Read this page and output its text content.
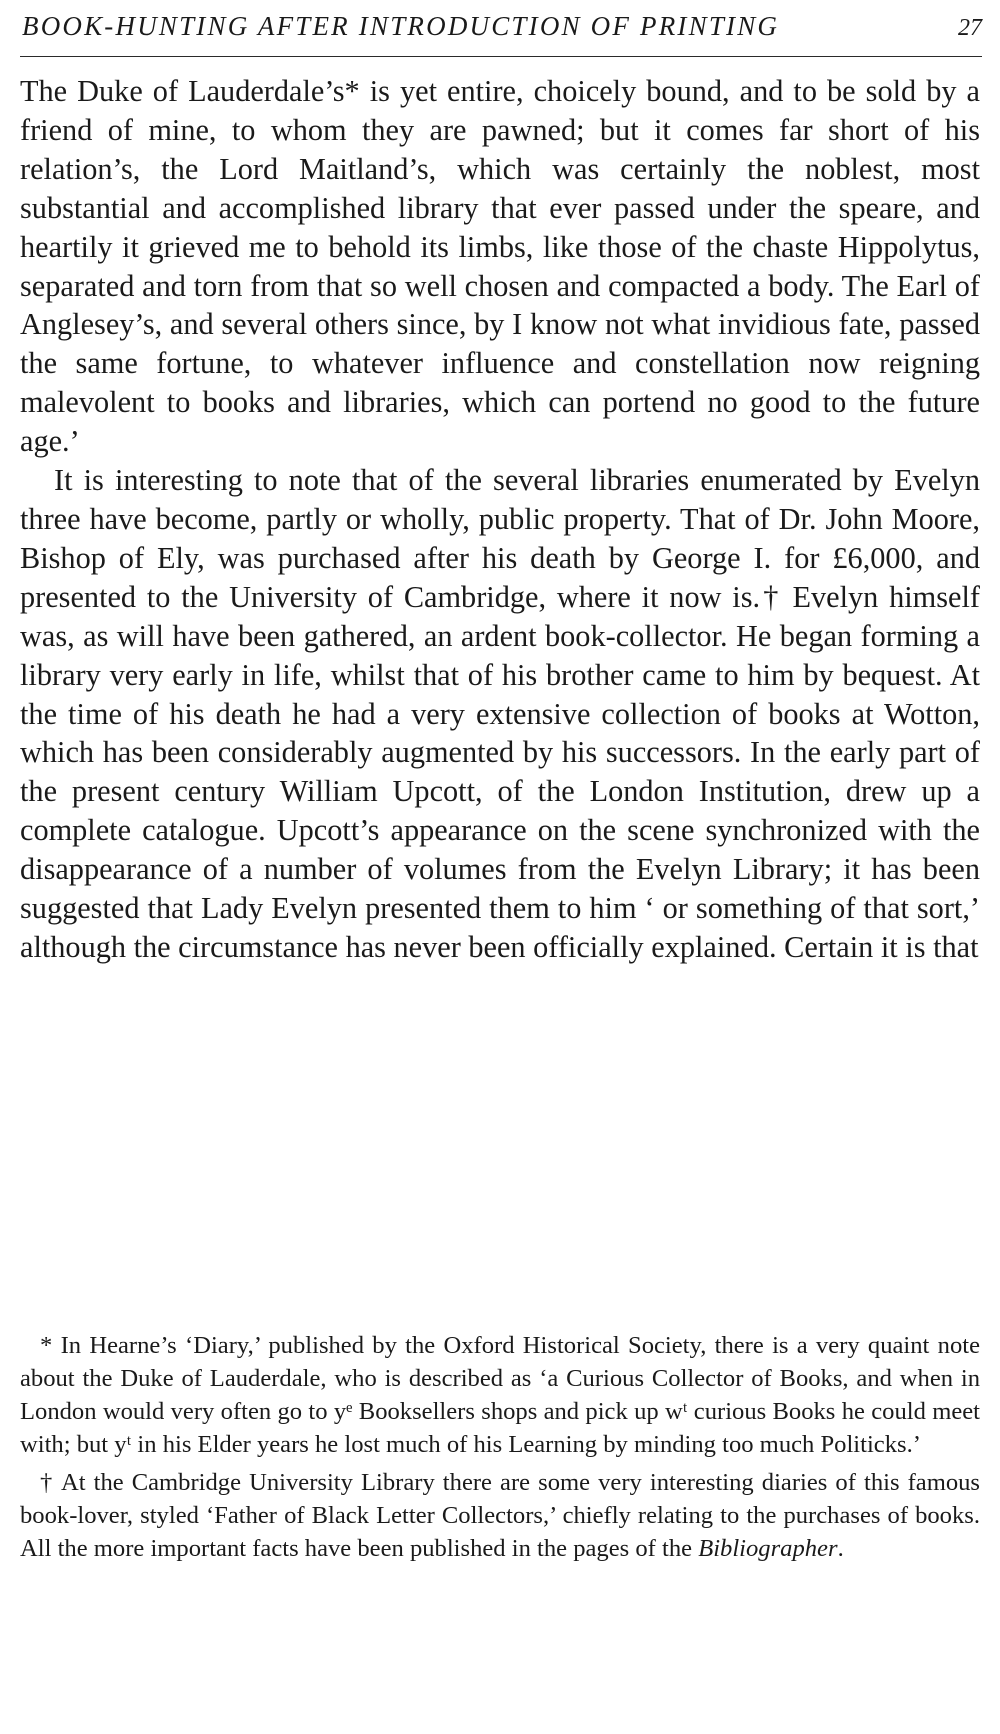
BOOK-HUNTING AFTER INTRODUCTION OF PRINTING	27

The Duke of Lauderdale’s* is yet entire, choicely bound, and to be sold by a friend of mine, to whom they are pawned; but it comes far short of his relation’s, the Lord Maitland’s, which was certainly the noblest, most substantial and accomplished library that ever passed under the speare, and heartily it grieved me to behold its limbs, like those of the chaste Hippolytus, separated and torn from that so well chosen and compacted a body. The Earl of Anglesey’s, and several others since, by I know not what invidious fate, passed the same fortune, to whatever influence and constellation now reigning malevolent to books and libraries, which can portend no good to the future age.’

It is interesting to note that of the several libraries enumerated by Evelyn three have become, partly or wholly, public property. That of Dr. John Moore, Bishop of Ely, was purchased after his death by George I. for £6,000, and presented to the University of Cambridge, where it now is.† Evelyn himself was, as will have been gathered, an ardent book-collector. He began forming a library very early in life, whilst that of his brother came to him by bequest. At the time of his death he had a very extensive collection of books at Wotton, which has been considerably augmented by his successors. In the early part of the present century William Upcott, of the London Institution, drew up a complete catalogue. Upcott’s appearance on the scene synchronized with the disappearance of a number of volumes from the Evelyn Library; it has been suggested that Lady Evelyn presented them to him ‘ or something of that sort,’ although the circumstance has never been officially explained. Certain it is that

* In Hearne’s ‘Diary,’ published by the Oxford Historical Society, there is a very quaint note about the Duke of Lauderdale, who is described as ‘a Curious Collector of Books, and when in London would very often go to yᵉ Booksellers shops and pick up wᵗ curious Books he could meet with; but yᵗ in his Elder years he lost much of his Learning by minding too much Politicks.’

† At the Cambridge University Library there are some very interesting diaries of this famous book-lover, styled ‘Father of Black Letter Collectors,’ chiefly relating to the purchases of books. All the more important facts have been published in the pages of the Bibliographer.
